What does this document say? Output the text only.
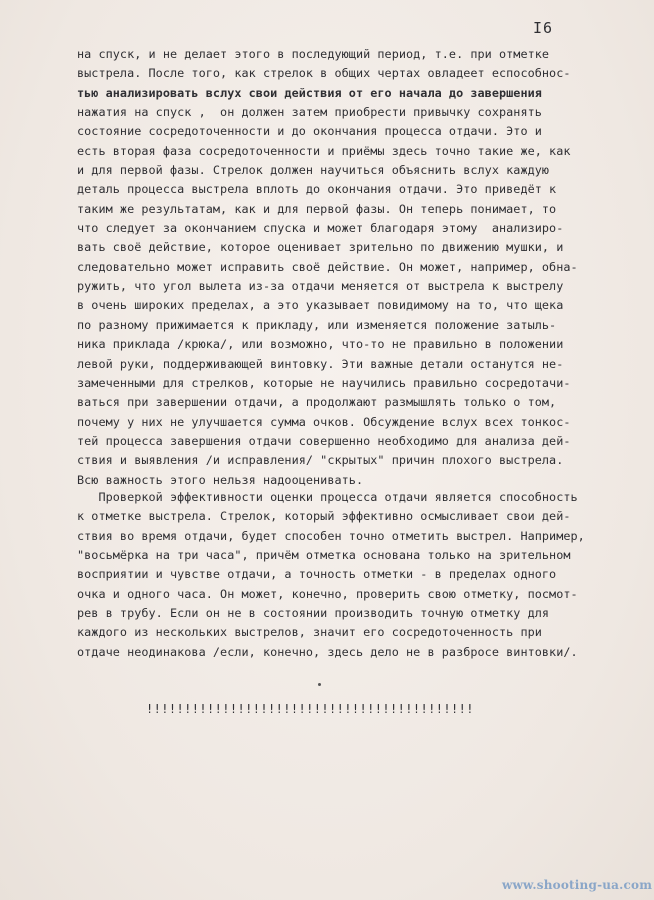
I6
на спуск, и не делает этого в последующий период, т.е. при отметке
выстрела. После того, как стрелок в общих чертах овладеет еспособнос-
тью анализировать вслух свои действия от его начала до завершения
нажатия на спуск ,  он должен затем приобрести привычку сохранять
состояние сосредоточенности и до окончания процесса отдачи. Это и
есть вторая фаза сосредоточенности и приёмы здесь точно такие же, как
и для первой фазы. Стрелок должен научиться объяснить вслух каждую
деталь процесса выстрела вплоть до окончания отдачи. Это приведёт к
таким же результатам, как и для первой фазы. Он теперь понимает, то
что следует за окончанием спуска и может благодаря этому  анализиро-
вать своё действие, которое оценивает зрительно по движению мушки, и
следовательно может исправить своё действие. Он может, например, обна-
ружить, что угол вылета из-за отдачи меняется от выстрела к выстрелу
в очень широких пределах, а это указывает повидимому на то, что щека
по разному прижимается к прикладу, или изменяется положение затыль-
ника приклада /крюка/, или возможно, что-то не правильно в положении
левой руки, поддерживающей винтовку. Эти важные детали останутся не-
замеченными для стрелков, которые не научились правильно сосредотачи-
ваться при завершении отдачи, а продолжают размышлять только о том,
почему у них не улучшается сумма очков. Обсуждение вслух всех тонкос-
тей процесса завершения отдачи совершенно необходимо для анализа дей-
ствия и выявления /и исправления/ "скрытых" причин плохого выстрела.
Всю важность этого нельзя надооценивать.
Проверкой эффективности оценки процесса отдачи является способность
к отметке выстрела. Стрелок, который эффективно осмысливает свои дей-
ствия во время отдачи, будет способен точно отметить выстрел. Например,
"восьмёрка на три часа", причём отметка основана только на зрительном
восприятии и чувстве отдачи, а точность отметки - в пределах одного
очка и одного часа. Он может, конечно, проверить свою отметку, посмот-
рев в трубу. Если он не в состоянии производить точную отметку для
каждого из нескольких выстрелов, значит его сосредоточенность при
отдаче неодинакова /если, конечно, здесь дело не в разбросе винтовки/.
!!!!!!!!!!!!!!!!!!!!!!!!!!!!!!!!!!!!!!!!!!!
www.shooting-ua.com
